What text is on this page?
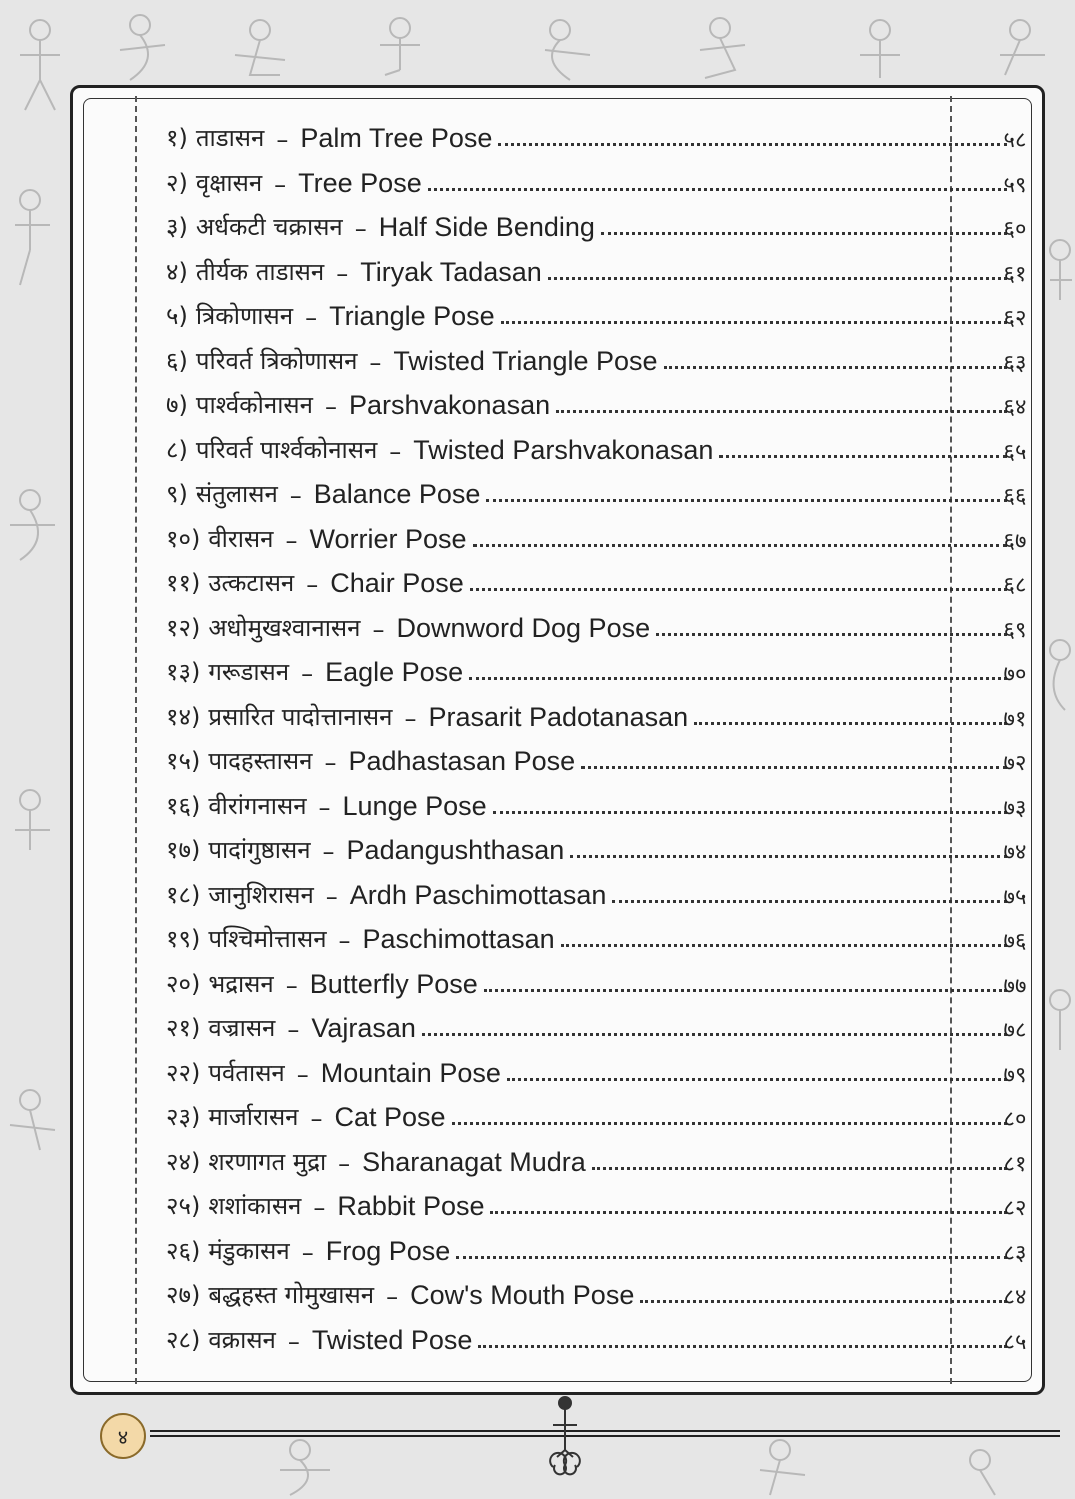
१) ताडासन – Palm Tree Pose	५८
२) वृक्षासन – Tree Pose	५९
३) अर्धकटी चक्रासन – Half Side Bending	६०
४) तीर्यक ताडासन – Tiryak Tadasan	६१
५) त्रिकोणासन – Triangle Pose	६२
६) परिवर्त त्रिकोणासन – Twisted Triangle Pose	६३
७) पार्श्वकोनासन – Parshvakonasan	६४
८) परिवर्त पार्श्वकोनासन – Twisted Parshvakonasan	६५
९) संतुलासन – Balance Pose	६६
१०) वीरासन – Worrier Pose	६७
११) उत्कटासन – Chair Pose	६८
१२) अधोमुखश्वानासन – Downword Dog Pose	६९
१३) गरूडासन – Eagle Pose	७०
१४) प्रसारित पादोत्तानासन – Prasarit Padotanasan	७१
१५) पादहस्तासन – Padhastasan Pose	७२
१६) वीरांगनासन – Lunge Pose	७३
१७) पादांगुष्ठासन – Padangushthasan	७४
१८) जानुशिरासन – Ardh Paschimottasan	७५
१९) पश्चिमोत्तासन – Paschimottasan	७६
२०) भद्रासन – Butterfly Pose	७७
२१) वज्रासन – Vajrasan	७८
२२) पर्वतासन – Mountain Pose	७९
२३) मार्जारासन – Cat Pose	८०
२४) शरणागत मुद्रा – Sharanagat Mudra	८१
२५) शशांकासन – Rabbit Pose	८२
२६) मंडुकासन – Frog Pose	८३
२७) बद्धहस्त गोमुखासन – Cow's Mouth Pose	८४
२८) वक्रासन – Twisted Pose	८५
४
